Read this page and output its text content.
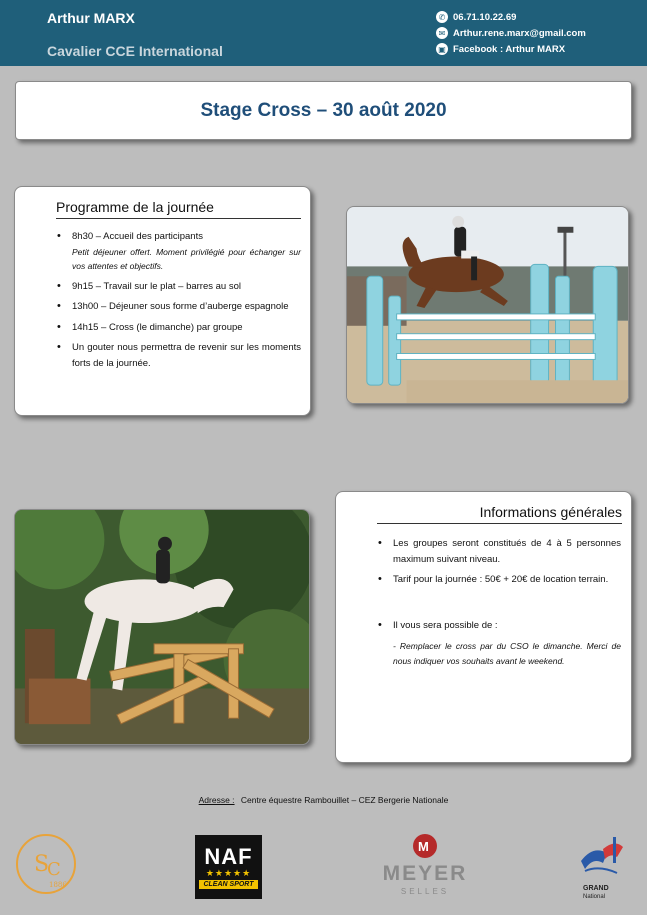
Arthur MARX
Cavalier CCE International
✆ 06.71.10.22.69
✉ Arthur.rene.marx@gmail.com
▣ Facebook : Arthur MARX
Stage Cross – 30 août 2020
Programme de la journée
• 8h30 – Accueil des participants
Petit déjeuner offert. Moment privilégié pour échanger sur vos attentes et objectifs.
• 9h15 – Travail sur le plat – barres au sol
• 13h00 – Déjeuner sous forme d’auberge espagnole
• 14h15 – Cross (le dimanche) par groupe
• Un gouter nous permettra de revenir sur les moments forts de la journée.
Informations générales
• Les groupes seront constitués de 4 à 5 personnes maximum suivant niveau.
• Tarif pour la journée : 50€ + 20€ de location terrain.
• Il vous sera possible de :
- Remplacer le cross par du CSO le dimanche. Merci de nous indiquer vos souhaits avant le weekend.
Adresse : Centre équestre Rambouillet – CEZ Bergerie Nationale
S
C
1886
NAF
★★★★★
CLEAN SPORT
M
MEYER
SELLES	GRAND
National
